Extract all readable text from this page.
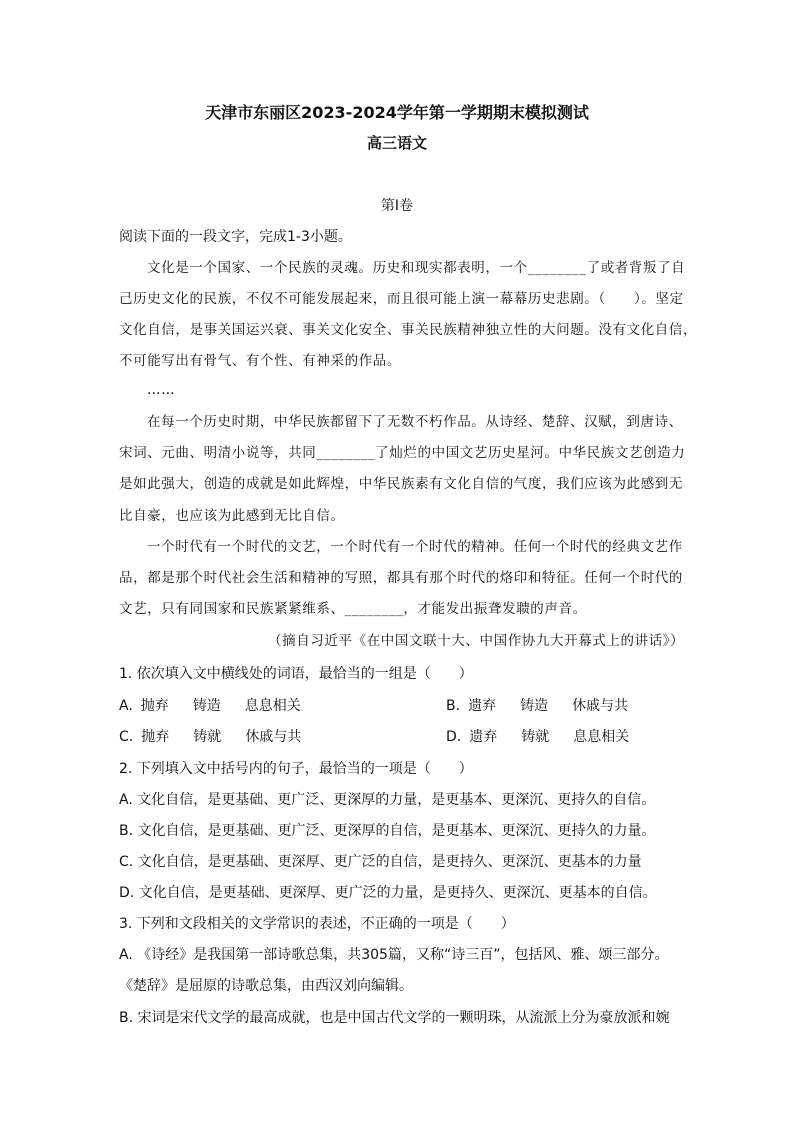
天津市东丽区2023-2024学年第一学期期末模拟测试
高三语文
第I卷
阅读下面的一段文字，完成1-3小题。
文化是一个国家、一个民族的灵魂。历史和现实都表明，一个________了或者背叛了自
己历史文化的民族，不仅不可能发展起来，而且很可能上演一幕幕历史悲剧。（　　）。坚定
文化自信，是事关国运兴衰、事关文化安全、事关民族精神独立性的大问题。没有文化自信，
不可能写出有骨气、有个性、有神采的作品。
……
在每一个历史时期，中华民族都留下了无数不朽作品。从诗经、楚辞、汉赋，到唐诗、
宋词、元曲、明清小说等，共同________了灿烂的中国文艺历史星河。中华民族文艺创造力
是如此强大，创造的成就是如此辉煌，中华民族素有文化自信的气度，我们应该为此感到无
比自豪，也应该为此感到无比自信。
一个时代有一个时代的文艺，一个时代有一个时代的精神。任何一个时代的经典文艺作
品，都是那个时代社会生活和精神的写照，都具有那个时代的烙印和特征。任何一个时代的
文艺，只有同国家和民族紧紧维系、________，才能发出振聋发聩的声音。
（摘自习近平《在中国文联十大、中国作协九大开幕式上的讲话》）
1. 依次填入文中横线处的词语，最恰当的一组是（　　）
A. 抛弃 铸造 息息相关	B. 遗弃 铸造 休戚与共
C. 抛弃 铸就 休戚与共	D. 遗弃 铸就 息息相关
2. 下列填入文中括号内的句子，最恰当的一项是（　　）
A. 文化自信，是更基础、更广泛、更深厚的力量，是更基本、更深沉、更持久的自信。
B. 文化自信，是更基础、更广泛、更深厚的自信，是更基本、更深沉、更持久的力量。
C. 文化自信，是更基础、更深厚、更广泛的自信，是更持久、更深沉、更基本的力量
D. 文化自信，是更基础、更深厚、更广泛的力量，是更持久、更深沉、更基本的自信。
3. 下列和文段相关的文学常识的表述，不正确的一项是（　　）
A. 《诗经》是我国第一部诗歌总集，共305篇，又称“诗三百”，包括风、雅、颂三部分。
《楚辞》是屈原的诗歌总集，由西汉刘向编辑。
B. 宋词是宋代文学的最高成就，也是中国古代文学的一颗明珠，从流派上分为豪放派和婉
